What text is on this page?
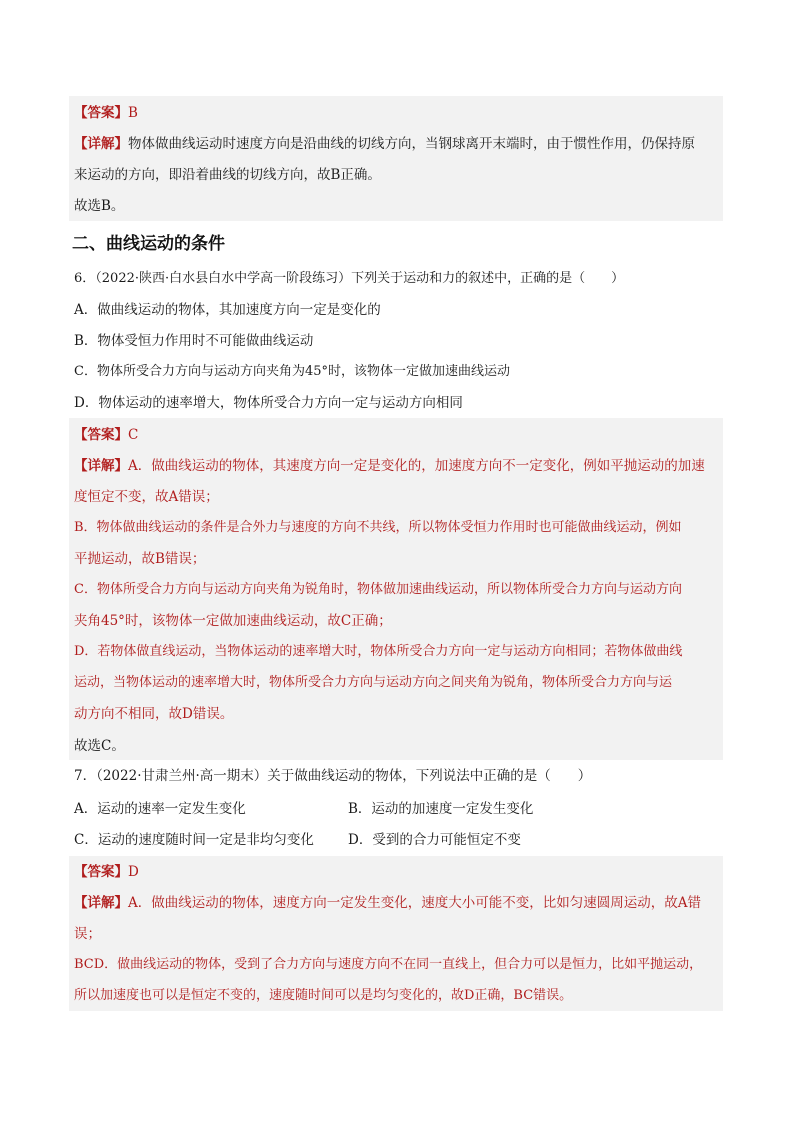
【答案】B
【详解】物体做曲线运动时速度方向是沿曲线的切线方向，当钢球离开末端时，由于惯性作用，仍保持原
来运动的方向，即沿着曲线的切线方向，故B正确。
故选B。
二、曲线运动的条件
6．（2022·陕西·白水县白水中学高一阶段练习）下列关于运动和力的叙述中，正确的是（　　）
A．做曲线运动的物体，其加速度方向一定是变化的
B．物体受恒力作用时不可能做曲线运动
C．物体所受合力方向与运动方向夹角为45°时，该物体一定做加速曲线运动
D．物体运动的速率增大，物体所受合力方向一定与运动方向相同
【答案】C
【详解】A．做曲线运动的物体，其速度方向一定是变化的，加速度方向不一定变化，例如平抛运动的加速
度恒定不变，故A错误；
B．物体做曲线运动的条件是合外力与速度的方向不共线，所以物体受恒力作用时也可能做曲线运动，例如
平抛运动，故B错误；
C．物体所受合力方向与运动方向夹角为锐角时，物体做加速曲线运动，所以物体所受合力方向与运动方向
夹角45°时，该物体一定做加速曲线运动，故C正确；
D．若物体做直线运动，当物体运动的速率增大时，物体所受合力方向一定与运动方向相同；若物体做曲线
运动，当物体运动的速率增大时，物体所受合力方向与运动方向之间夹角为锐角，物体所受合力方向与运
动方向不相同，故D错误。
故选C。
7．（2022·甘肃兰州·高一期末）关于做曲线运动的物体，下列说法中正确的是（　　）
A．运动的速率一定发生变化	B．运动的加速度一定发生变化
C．运动的速度随时间一定是非均匀变化	D．受到的合力可能恒定不变
【答案】D
【详解】A．做曲线运动的物体，速度方向一定发生变化，速度大小可能不变，比如匀速圆周运动，故A错
误；
BCD．做曲线运动的物体，受到了合力方向与速度方向不在同一直线上，但合力可以是恒力，比如平抛运动，
所以加速度也可以是恒定不变的，速度随时间可以是均匀变化的，故D正确，BC错误。
